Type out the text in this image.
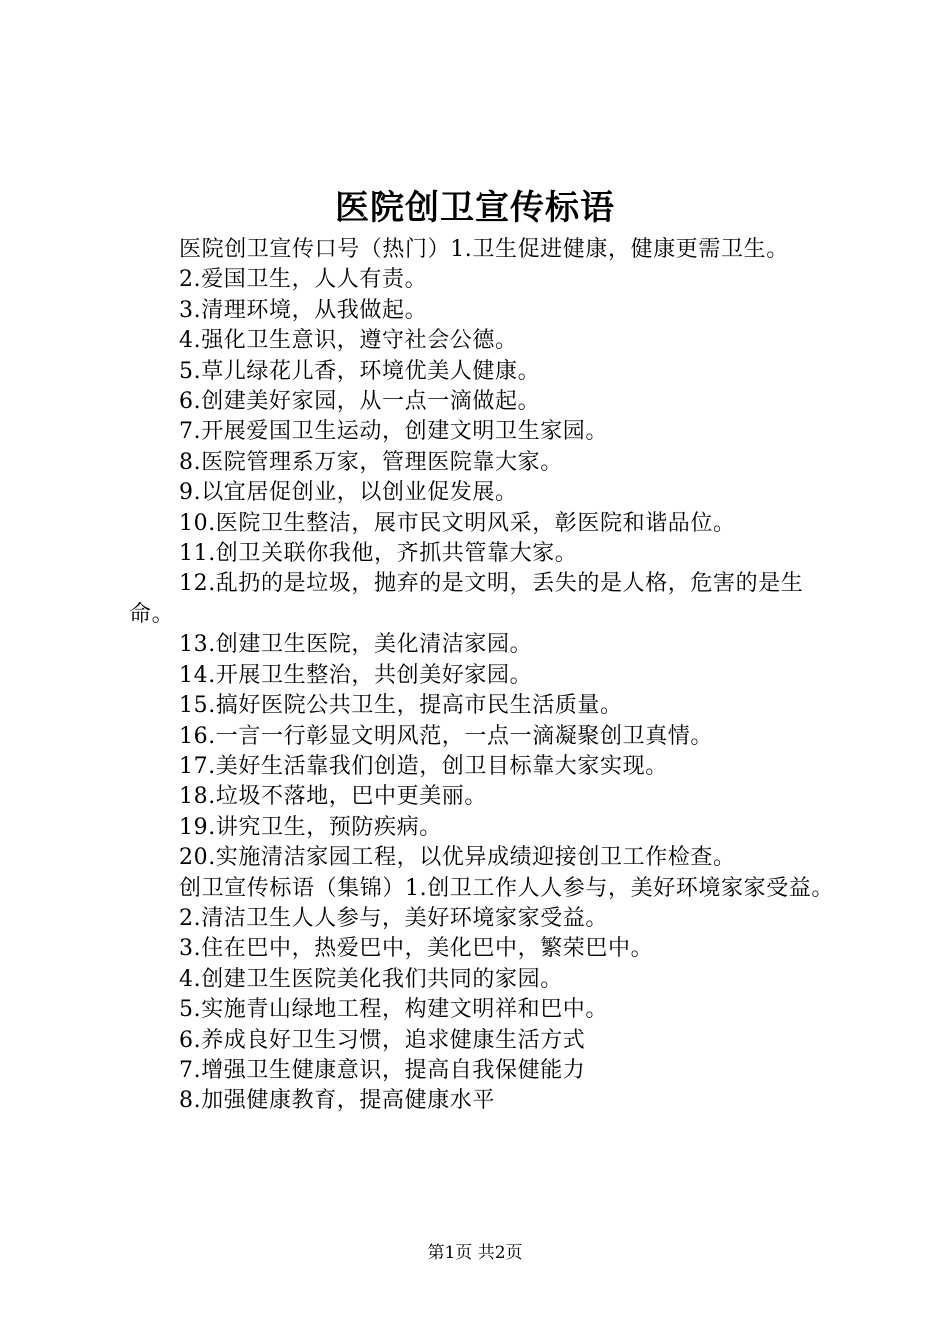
医院创卫宣传标语

医院创卫宣传口号（热门）1.卫生促进健康，健康更需卫生。

2.爱国卫生，人人有责。

3.清理环境，从我做起。

4.强化卫生意识，遵守社会公德。

5.草儿绿花儿香，环境优美人健康。

6.创建美好家园，从一点一滴做起。

7.开展爱国卫生运动，创建文明卫生家园。

8.医院管理系万家，管理医院靠大家。

9.以宜居促创业，以创业促发展。

10.医院卫生整洁，展市民文明风采，彰医院和谐品位。

11.创卫关联你我他，齐抓共管靠大家。

12.乱扔的是垃圾，抛弃的是文明，丢失的是人格，危害的是生命。

13.创建卫生医院，美化清洁家园。

14.开展卫生整治，共创美好家园。

15.搞好医院公共卫生，提高市民生活质量。

16.一言一行彰显文明风范，一点一滴凝聚创卫真情。

17.美好生活靠我们创造，创卫目标靠大家实现。

18.垃圾不落地，巴中更美丽。

19.讲究卫生，预防疾病。

20.实施清洁家园工程，以优异成绩迎接创卫工作检查。

创卫宣传标语（集锦）1.创卫工作人人参与，美好环境家家受益。

2.清洁卫生人人参与，美好环境家家受益。

3.住在巴中，热爱巴中，美化巴中，繁荣巴中。

4.创建卫生医院美化我们共同的家园。

5.实施青山绿地工程，构建文明祥和巴中。

6.养成良好卫生习惯，追求健康生活方式

7.增强卫生健康意识，提高自我保健能力

8.加强健康教育，提高健康水平

第1页 共2页
